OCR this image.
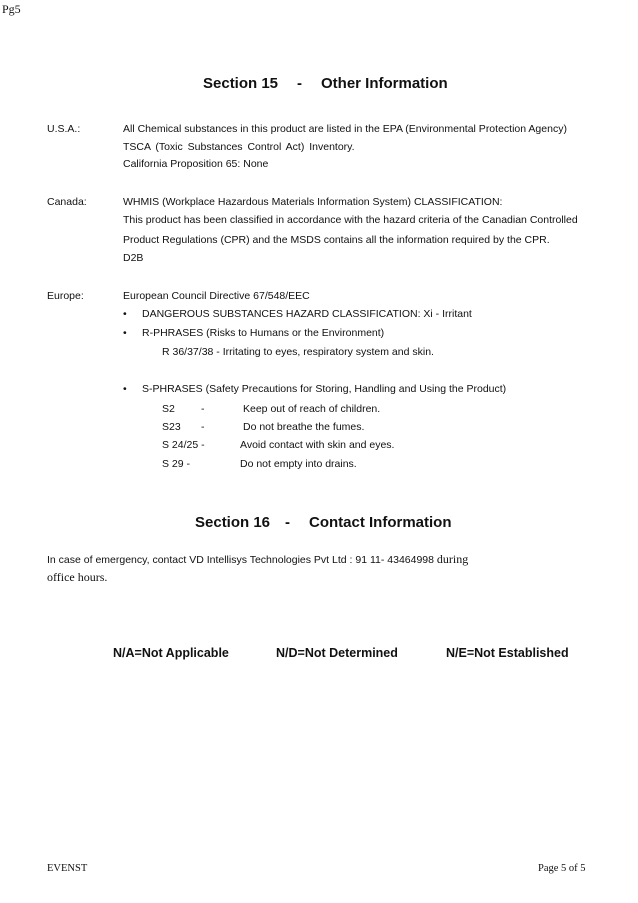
Pg5
Section 15 - Other Information
U.S.A.:	All Chemical substances in this product are listed in the EPA (Environmental Protection Agency)
TSCA (Toxic Substances Control Act) Inventory.
California Proposition 65: None
Canada:	WHMIS (Workplace Hazardous Materials Information System) CLASSIFICATION:
This product has been classified in accordance with the hazard criteria of the Canadian Controlled
Product Regulations (CPR) and the MSDS contains all the information required by the CPR.
D2B
Europe:	European Council Directive 67/548/EEC
• DANGEROUS SUBSTANCES HAZARD CLASSIFICATION: Xi - Irritant
• R-PHRASES (Risks to Humans or the Environment)
R 36/37/38 - Irritating to eyes, respiratory system and skin.
• S-PHRASES (Safety Precautions for Storing, Handling and Using the Product)
S2 -	Keep out of reach of children.
S23 -	Do not breathe the fumes.
S 24/25 -	Avoid contact with skin and eyes.
S 29 -	Do not empty into drains.
Section 16 - Contact Information
In case of emergency, contact VD Intellisys Technologies Pvt Ltd : 91 11- 43464998 during
office hours.
N/A=Not Applicable	N/D=Not Determined	N/E=Not Established
EVENST	Page 5 of 5
